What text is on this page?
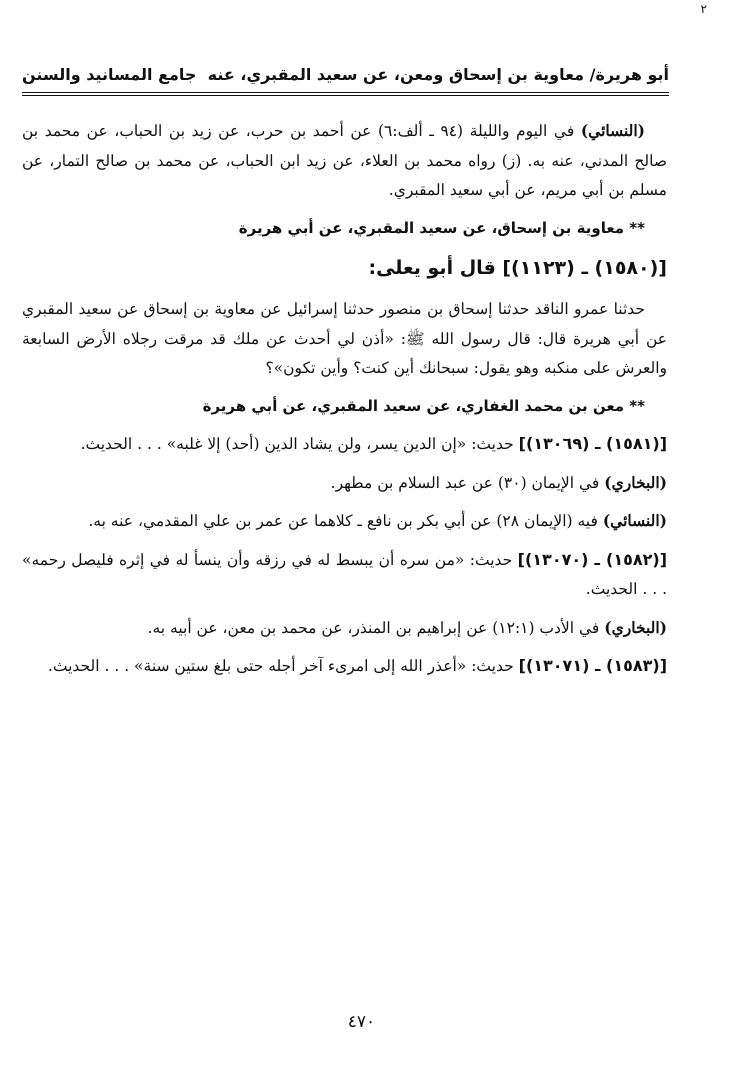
٢
أبو هريرة/ معاوية بن إسحاق ومعن، عن سعيد المقبري، عنه
جامع المسانيد والسنن

(النسائي) في اليوم والليلة (٩٤ ـ ألف:٦) عن أحمد بن حرب، عن زيد بن الحباب، عن محمد بن صالح المدني، عنه به. (ز) رواه محمد بن العلاء، عن زيد ابن الحباب، عن محمد بن صالح التمار، عن مسلم بن أبي مريم، عن أبي سعيد المقبري.

** معاوية بن إسحاق، عن سعيد المقبري، عن أبي هريرة
[(١٥٨٠) ـ (١١٢٣)] قال أبو يعلى:

حدثنا عمرو الناقد حدثنا إسحاق بن منصور حدثنا إسرائيل عن معاوية بن إسحاق عن سعيد المقبري عن أبي هريرة قال: قال رسول الله ﷺ: «أذن لي أحدث عن ملك قد مرقت رجلاه الأرض السابعة والعرش على منكبه وهو يقول: سبحانك أين كنت؟ وأين تكون»؟

** معن بن محمد الغفاري، عن سعيد المقبري، عن أبي هريرة

[(١٥٨١) ـ (١٣٠٦٩)] حديث: «إن الدين يسر، ولن يشاد الدين (أحد) إلا غلبه» . . . الحديث.

(البخاري) في الإيمان (٣٠) عن عبد السلام بن مطهر.

(النسائي) فيه (الإيمان ٢٨) عن أبي بكر بن نافع ـ كلاهما عن عمر بن علي المقدمي، عنه به.

[(١٥٨٢) ـ (١٣٠٧٠)] حديث: «من سره أن يبسط له في رزقه وأن ينسأ له في إثره فليصل رحمه» . . . الحديث.

(البخاري) في الأدب (١٢:١) عن إبراهيم بن المنذر، عن محمد بن معن، عن أبيه به.

[(١٥٨٣) ـ (١٣٠٧١)] حديث: «أعذر الله إلى امرىء آخر أجله حتى بلغ ستين سنة» . . . الحديث.

٤٧٠
